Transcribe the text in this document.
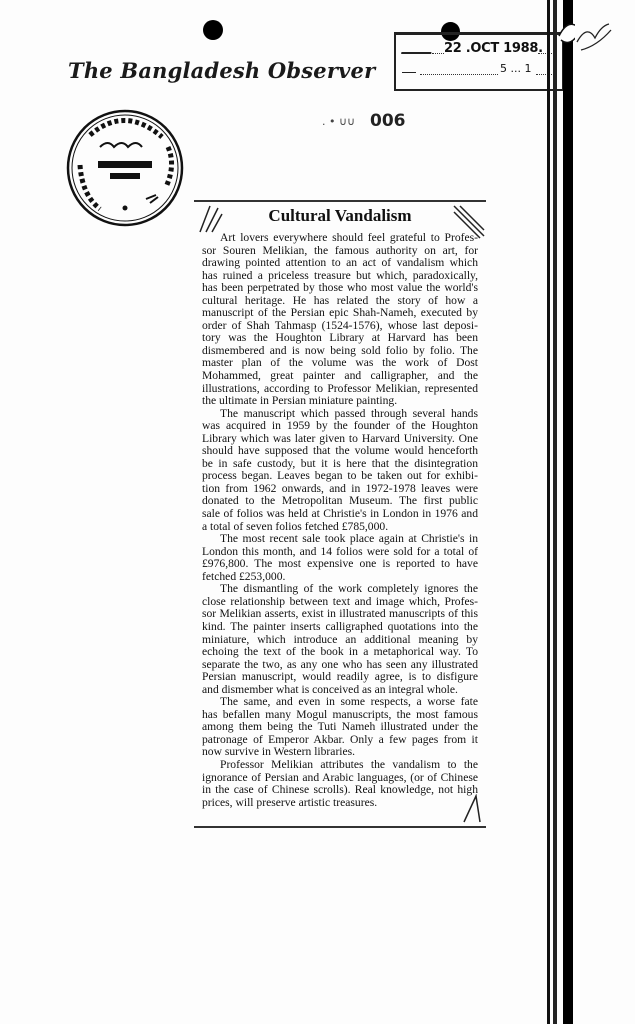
The Bangladesh Observer
22 .OCT 1988.
5 ... 1
. • ∪∪ 006
Cultural Vandalism
Art lovers everywhere should feel grateful to Profes-
sor Souren Melikian, the famous authority on art, for
drawing pointed attention to an act of vandalism which
has ruined a priceless treasure but which, paradoxically,
has been perpetrated by those who most value the world's
cultural heritage. He has related the story of how a
manuscript of the Persian epic Shah-Nameh, executed by
order of Shah Tahmasp (1524-1576), whose last deposi-
tory was the Houghton Library at Harvard has been
dismembered and is now being sold folio by folio. The
master plan of the volume was the work of Dost
Mohammed, great painter and calligrapher, and the
illustrations, according to Professor Melikian, represented
the ultimate in Persian miniature painting.
The manuscript which passed through several hands
was acquired in 1959 by the founder of the Houghton
Library which was later given to Harvard University. One
should have supposed that the volume would henceforth
be in safe custody, but it is here that the disintegration
process began. Leaves began to be taken out for exhibi-
tion from 1962 onwards, and in 1972-1978 leaves were
donated to the Metropolitan Museum. The first public
sale of folios was held at Christie's in London in 1976 and
a total of seven folios fetched £785,000.
The most recent sale took place again at Christie's in
London this month, and 14 folios were sold for a total of
£976,800. The most expensive one is reported to have
fetched £253,000.
The dismantling of the work completely ignores the
close relationship between text and image which, Profes-
sor Melikian asserts, exist in illustrated manuscripts of this
kind. The painter inserts calligraphed quotations into the
miniature, which introduce an additional meaning by
echoing the text of the book in a metaphorical way. To
separate the two, as any one who has seen any illustrated
Persian manuscript, would readily agree, is to disfigure
and dismember what is conceived as an integral whole.
The same, and even in some respects, a worse fate
has befallen many Mogul manuscripts, the most famous
among them being the Tuti Nameh illustrated under the
patronage of Emperor Akbar. Only a few pages from it
now survive in Western libraries.
Professor Melikian attributes the vandalism to the
ignorance of Persian and Arabic languages, (or of Chinese
in the case of Chinese scrolls). Real knowledge, not high
prices, will preserve artistic treasures.
